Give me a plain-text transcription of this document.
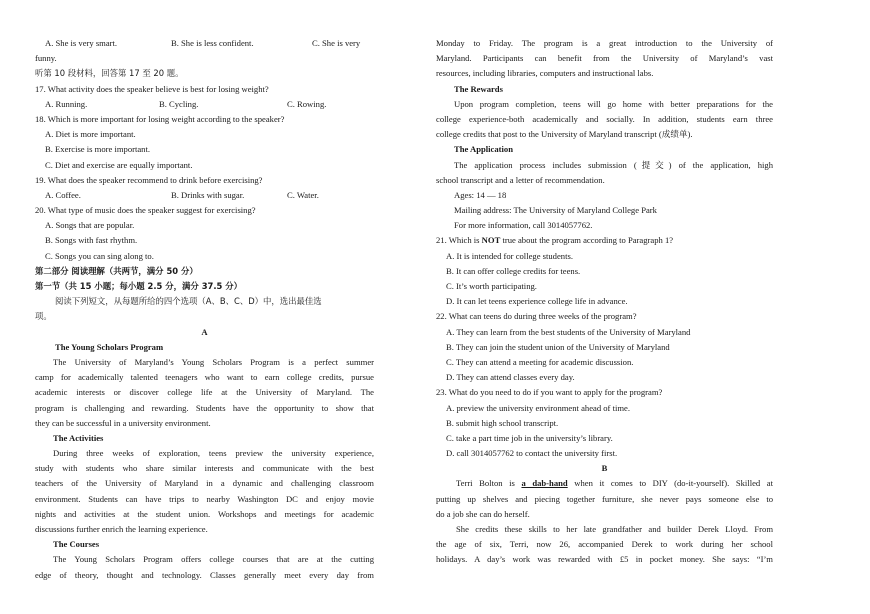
A. She is very smart.	B. She is less confident.	C. She is very
funny.
听第 10 段材料，回答第 17 至 20 题。
17. What activity does the speaker believe is best for losing weight?
A. Running.	B. Cycling.	C. Rowing.
18. Which is more important for losing weight according to the speaker?
A. Diet is more important.
B. Exercise is more important.
C. Diet and exercise are equally important.
19. What does the speaker recommend to drink before exercising?
A. Coffee.	B. Drinks with sugar.	C. Water.
20. What type of music does the speaker suggest for exercising?
A. Songs that are popular.
B. Songs with fast rhythm.
C. Songs you can sing along to.
第二部分 阅读理解（共两节，满分 50 分）
第一节（共 15 小题；每小题 2.5 分，满分 37.5 分）
阅读下列短文，从每题所给的四个选项（A、B、C、D）中，选出最佳选
项。
A
The Young Scholars Program
The University of Maryland’s Young Scholars Program is a perfect summer
camp for academically talented teenagers who want to earn college credits, pursue
academic interests or discover college life at the University of Maryland. The
program is challenging and rewarding. Students have the opportunity to show that
they can be successful in a university environment.
The Activities
During three weeks of exploration, teens preview the university experience,
study with students who share similar interests and communicate with the best
teachers of the University of Maryland in a dynamic and challenging classroom
environment. Students can have trips to nearby Washington DC and enjoy movie
nights and activities at the student union. Workshops and meetings for academic
discussions further enrich the learning experience.
The Courses
The Young Scholars Program offers college courses that are at the cutting
edge of theory, thought and technology. Classes generally meet every day from
Monday to Friday. The program is a great introduction to the University of
Maryland. Participants can benefit from the University of Maryland’s vast
resources, including libraries, computers and instructional labs.
The Rewards
Upon program completion, teens will go home with better preparations for the
college experience-both academically and socially. In addition, students earn three
college credits that post to the University of Maryland transcript (成绩单).
The Application
The application process includes submission (提交) of the application, high
school transcript and a letter of recommendation.
Ages: 14 — 18
Mailing address: The University of Maryland College Park
For more information, call 3014057762.
21. Which is NOT true about the program according to Paragraph 1?
A. It is intended for college students.
B. It can offer college credits for teens.
C. It’s worth participating.
D. It can let teens experience college life in advance.
22. What can teens do during three weeks of the program?
A. They can learn from the best students of the University of Maryland
B. They can join the student union of the University of Maryland
C. They can attend a meeting for academic discussion.
D. They can attend classes every day.
23. What do you need to do if you want to apply for the program?
A. preview the university environment ahead of time.
B. submit high school transcript.
C. take a part time job in the university’s library.
D. call 3014057762 to contact the university first.
B
Terri Bolton is a dab-hand when it comes to DIY (do-it-yourself). Skilled at
putting up shelves and piecing together furniture, she never pays someone else to
do a job she can do herself.
She credits these skills to her late grandfather and builder Derek Lloyd. From
the age of six, Terri, now 26, accompanied Derek to work during her school
holidays. A day’s work was rewarded with £5 in pocket money. She says: “I’m
